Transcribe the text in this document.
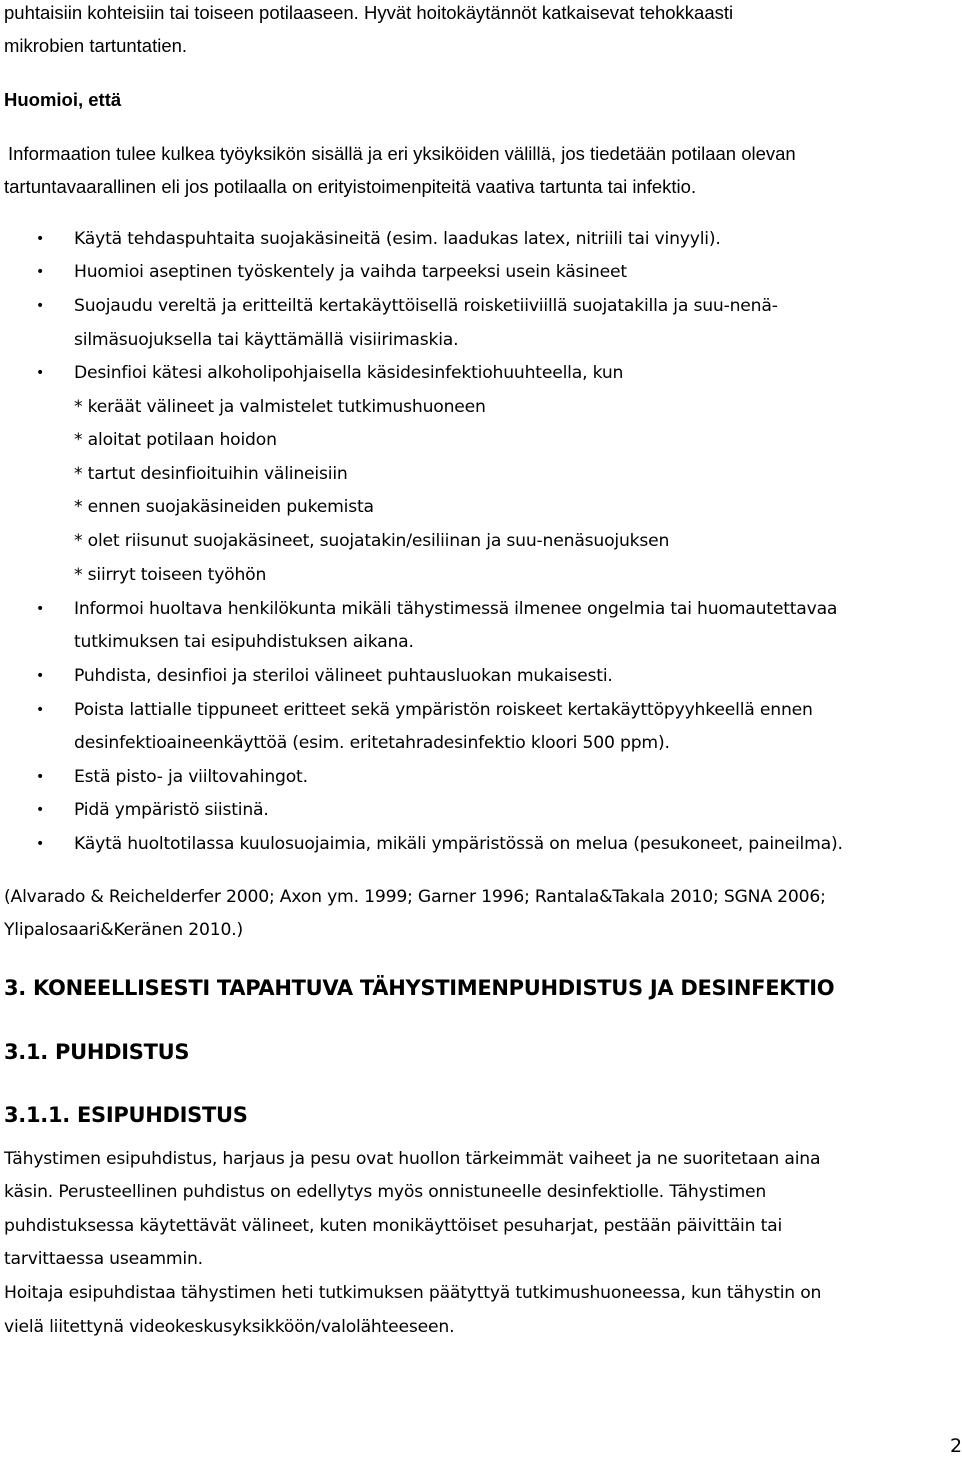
puhtaisiin kohteisiin tai toiseen potilaaseen. Hyvät hoitokäytännöt katkaisevat tehokkaasti
mikrobien tartuntatien.
Huomioi, että
Informaation tulee kulkea työyksikön sisällä ja eri yksiköiden välillä, jos tiedetään potilaan olevan
tartuntavaarallinen eli jos potilaalla on erityistoimenpiteitä vaativa tartunta tai infektio.
• Käytä tehdaspuhtaita suojakäsineitä (esim. laadukas latex, nitriili tai vinyyli).
• Huomioi aseptinen työskentely ja vaihda tarpeeksi usein käsineet
• Suojaudu vereltä ja eritteiltä kertakäyttöisellä roisketiiviillä suojatakilla ja suu-nenä-
silmäsuojuksella tai käyttämällä visiirimaskia.
• Desinfioi kätesi alkoholipohjaisella käsidesinfektiohuuhteella, kun
* keräät välineet ja valmistelet tutkimushuoneen
* aloitat potilaan hoidon
* tartut desinfioituihin välineisiin
* ennen suojakäsineiden pukemista
* olet riisunut suojakäsineet, suojatakin/esiliinan ja suu-nenäsuojuksen
* siirryt toiseen työhön
• Informoi huoltava henkilökunta mikäli tähystimessä ilmenee ongelmia tai huomautettavaa
tutkimuksen tai esipuhdistuksen aikana.
• Puhdista, desinfioi ja steriloi välineet puhtausluokan mukaisesti.
• Poista lattialle tippuneet eritteet sekä ympäristön roiskeet kertakäyttöpyyhkeellä ennen
desinfektioaineenkäyttöä (esim. eritetahradesinfektio kloori 500 ppm).
• Estä pisto- ja viiltovahingot.
• Pidä ympäristö siistinä.
• Käytä huoltotilassa kuulosuojaimia, mikäli ympäristössä on melua (pesukoneet, paineilma).
(Alvarado & Reichelderfer 2000; Axon ym. 1999; Garner 1996; Rantala&Takala 2010; SGNA 2006;
Ylipalosaari&Keränen 2010.)
3. KONEELLISESTI TAPAHTUVA TÄHYSTIMENPUHDISTUS JA DESINFEKTIO
3.1. PUHDISTUS
3.1.1. ESIPUHDISTUS
Tähystimen esipuhdistus, harjaus ja pesu ovat huollon tärkeimmät vaiheet ja ne suoritetaan aina
käsin. Perusteellinen puhdistus on edellytys myös onnistuneelle desinfektiolle. Tähystimen
puhdistuksessa käytettävät välineet, kuten monikäyttöiset pesuharjat, pestään päivittäin tai
tarvittaessa useammin.
Hoitaja esipuhdistaa tähystimen heti tutkimuksen päätyttyä tutkimushuoneessa, kun tähystin on
vielä liitettynä videokeskusyksikköön/valolähteeseen.
2
